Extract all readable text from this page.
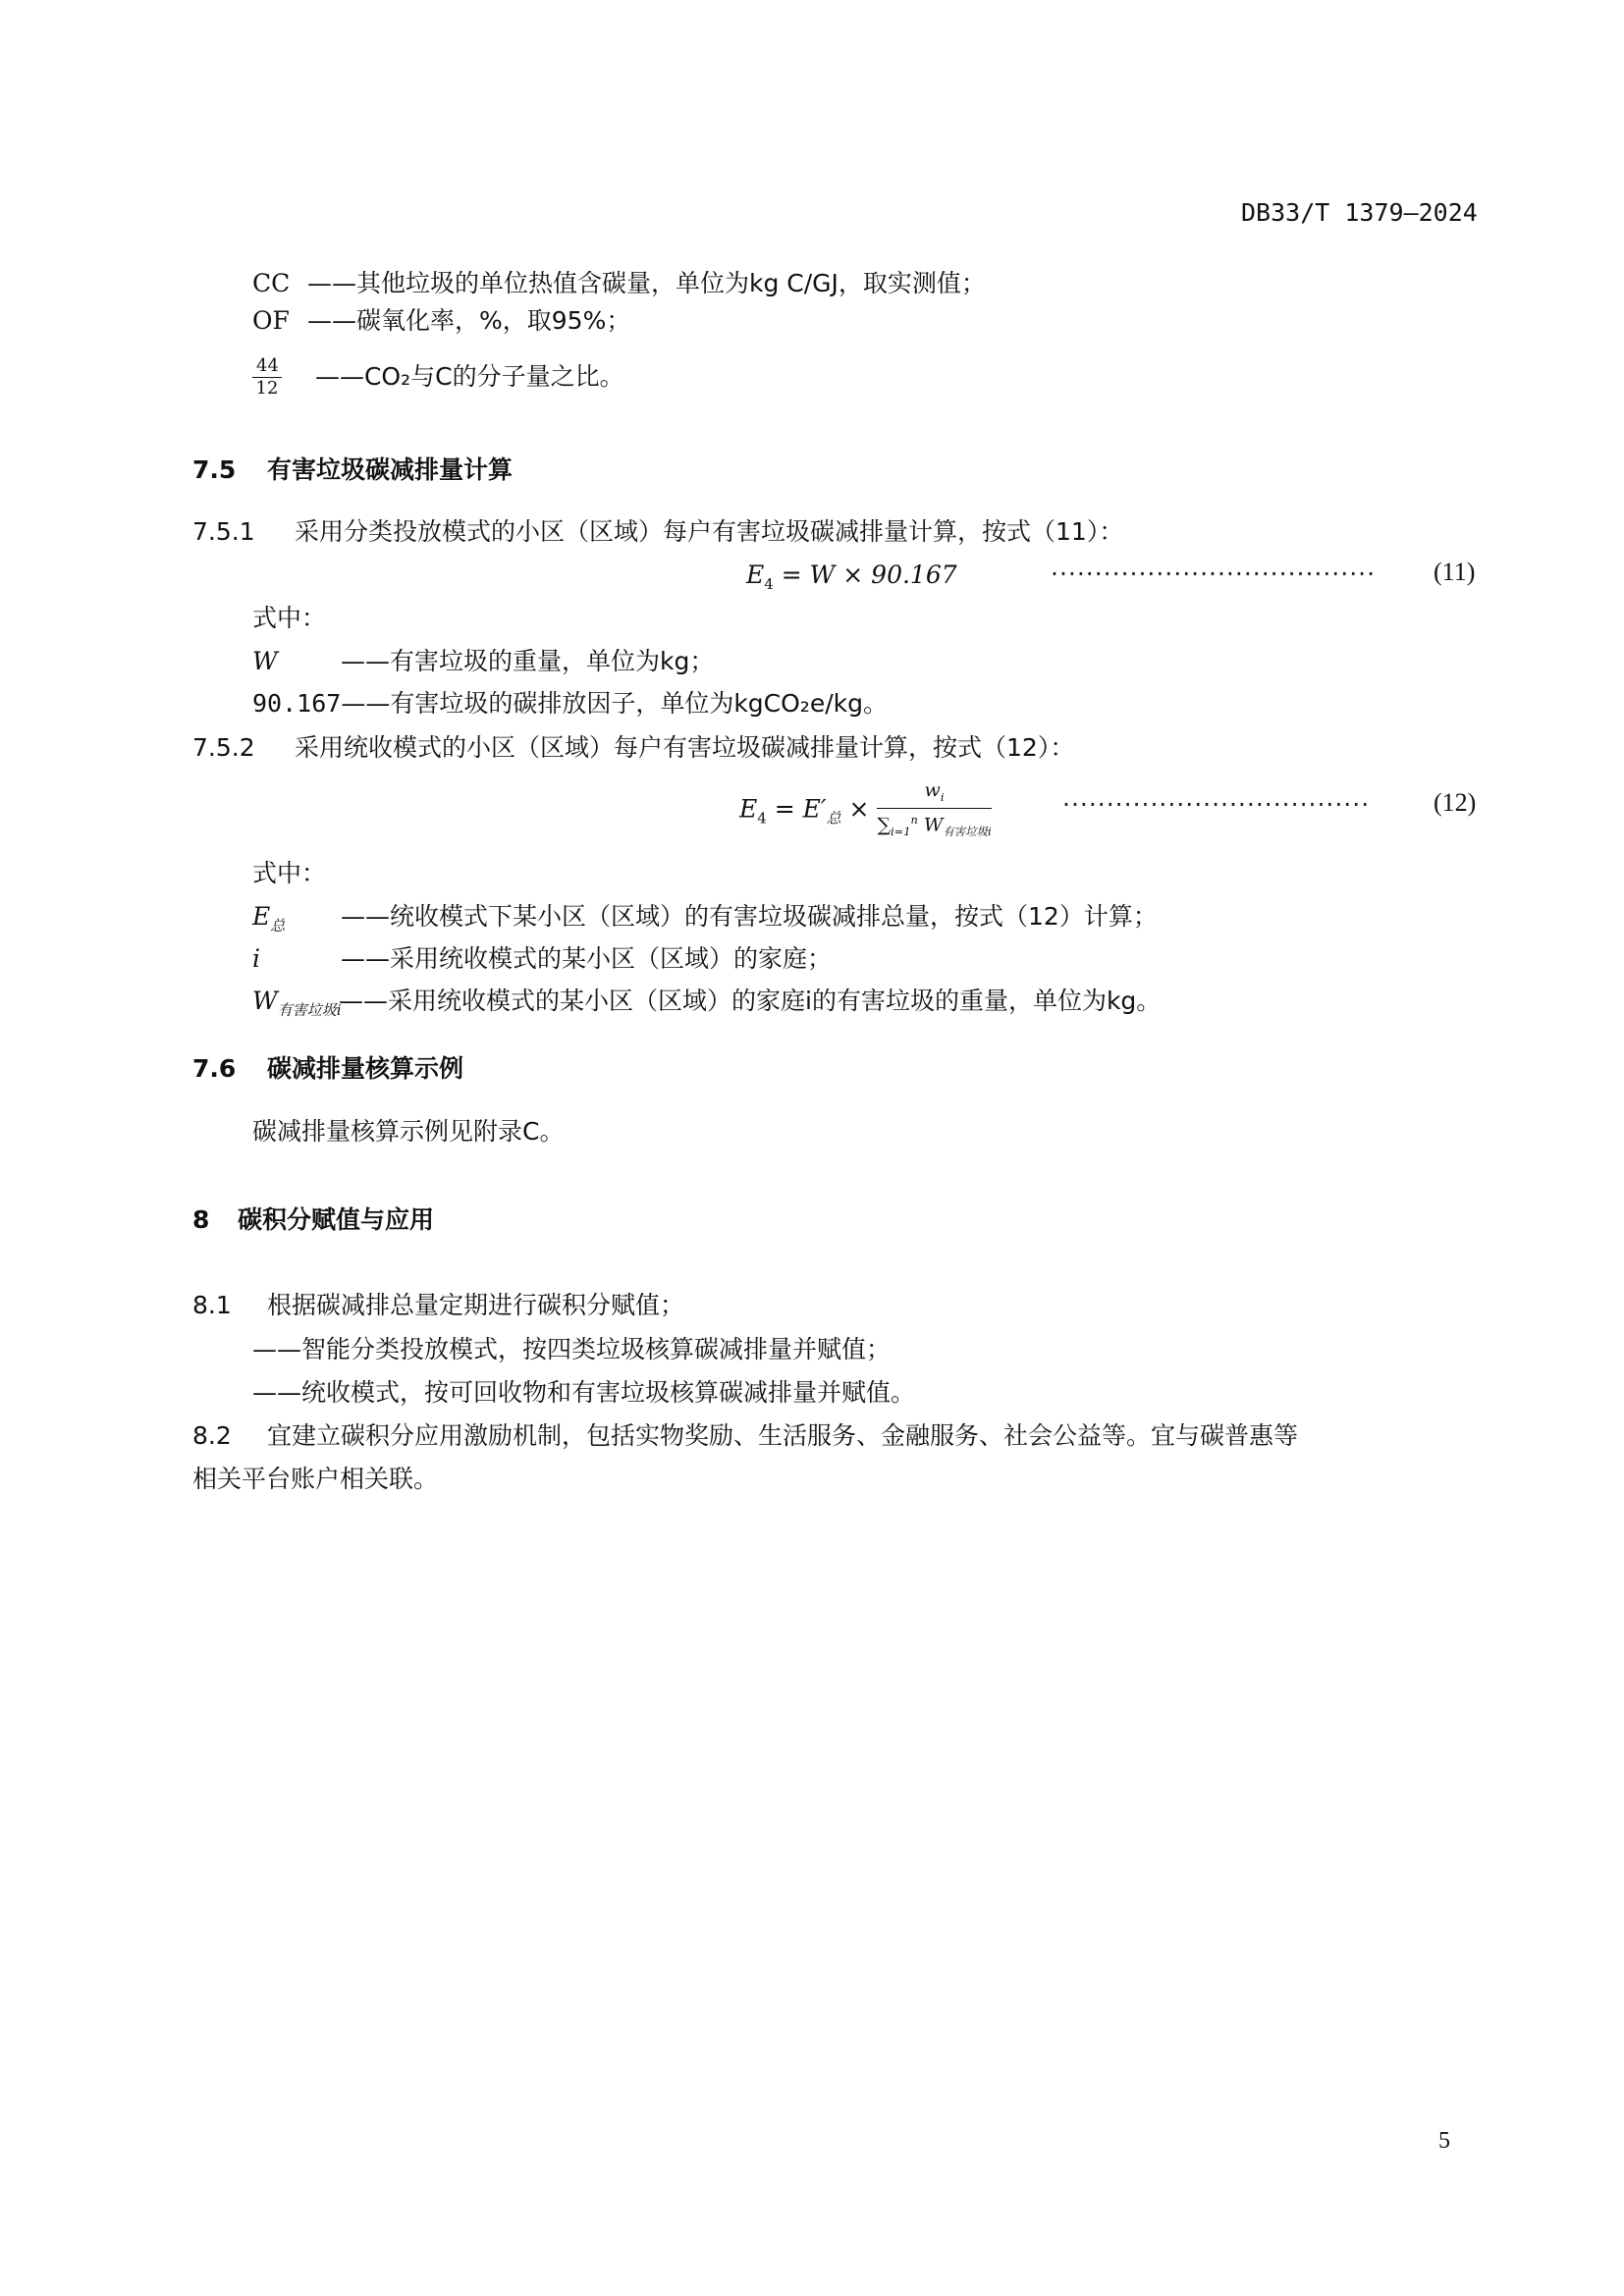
DB33/T 1379—2024
CC ——其他垃圾的单位热值含碳量，单位为kg C/GJ，取实测值；
OF ——碳氧化率，%，取95%；
$\frac{44}{12}$ ——CO₂与C的分子量之比。
7.5 有害垃圾碳减排量计算
7.5.1 采用分类投放模式的小区（区域）每户有害垃圾碳减排量计算，按式（11）：
$E_4 = W \times 90.167$	····································· (11)
式中：
W	——有害垃圾的重量，单位为kg；
90.167——有害垃圾的碳排放因子，单位为kgCO₂e/kg。
7.5.2 采用统收模式的小区（区域）每户有害垃圾碳减排量计算，按式（12）：
$E_4 = E'_总 \times \frac{w_i}{\sum_{i=1}^n W_{有害垃圾i}}$	··································· (12)
式中：
$E_总$ ——统收模式下某小区（区域）的有害垃圾碳减排总量，按式（12）计算；
i	——采用统收模式的某小区（区域）的家庭；
$W_{有害垃圾i}——$采用统收模式的某小区（区域）的家庭i的有害垃圾的重量，单位为kg。
7.6 碳减排量核算示例
碳减排量核算示例见附录C。
8 碳积分赋值与应用
8.1 根据碳减排总量定期进行碳积分赋值；
——智能分类投放模式，按四类垃圾核算碳减排量并赋值；
——统收模式，按可回收物和有害垃圾核算碳减排量并赋值。
8.2 宜建立碳积分应用激励机制，包括实物奖励、生活服务、金融服务、社会公益等。宜与碳普惠等
相关平台账户相关联。
5
